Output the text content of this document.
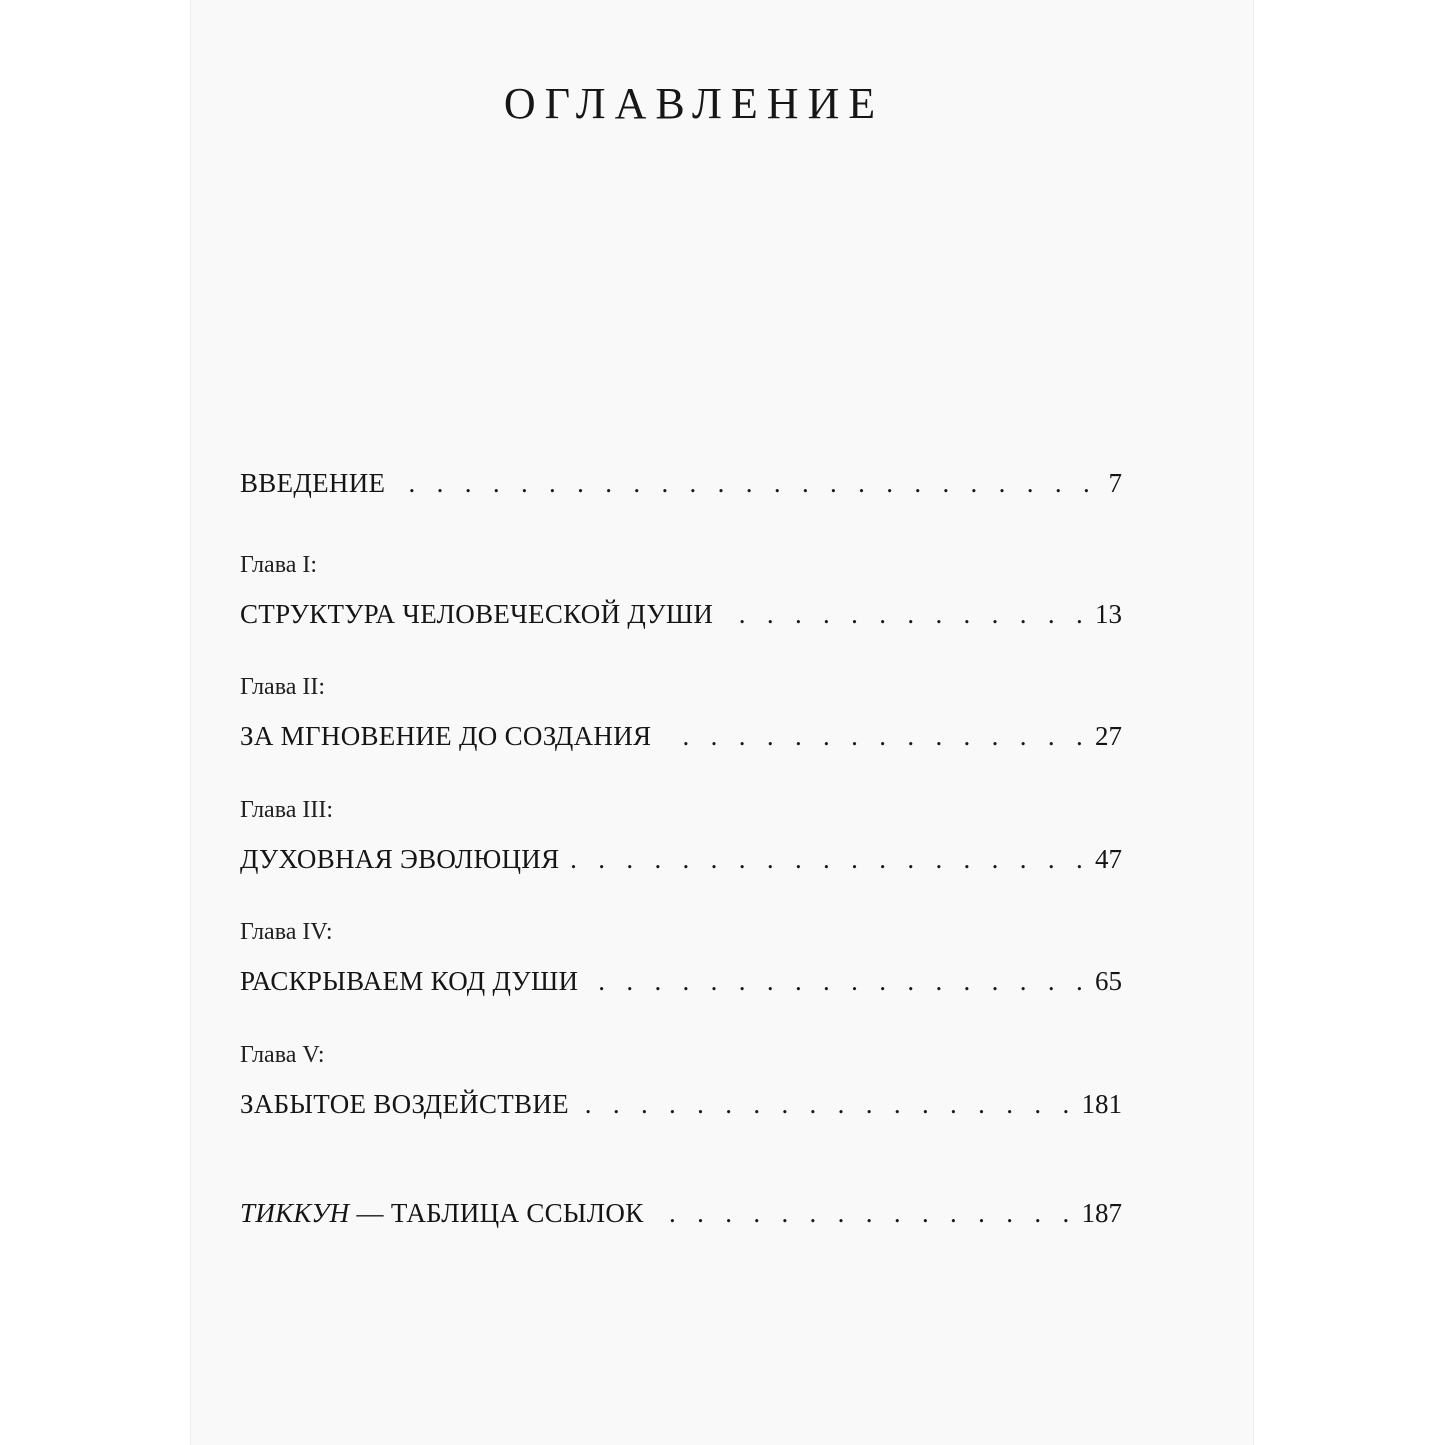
ОГЛАВЛЕНИЕ
ВВЕДЕНИЕ . . .	7
Глава I:
СТРУКТУРА ЧЕЛОВЕЧЕСКОЙ ДУШИ . . .	13
Глава II:
ЗА МГНОВЕНИЕ ДО СОЗДАНИЯ . . .	27
Глава III:
ДУХОВНАЯ ЭВОЛЮЦИЯ . . .	47
Глава IV:
РАСКРЫВАЕМ КОД ДУШИ . . .	65
Глава V:
ЗАБЫТОЕ ВОЗДЕЙСТВИЕ . . .	181
ТИККУН — ТАБЛИЦА ССЫЛОК . . .	187
